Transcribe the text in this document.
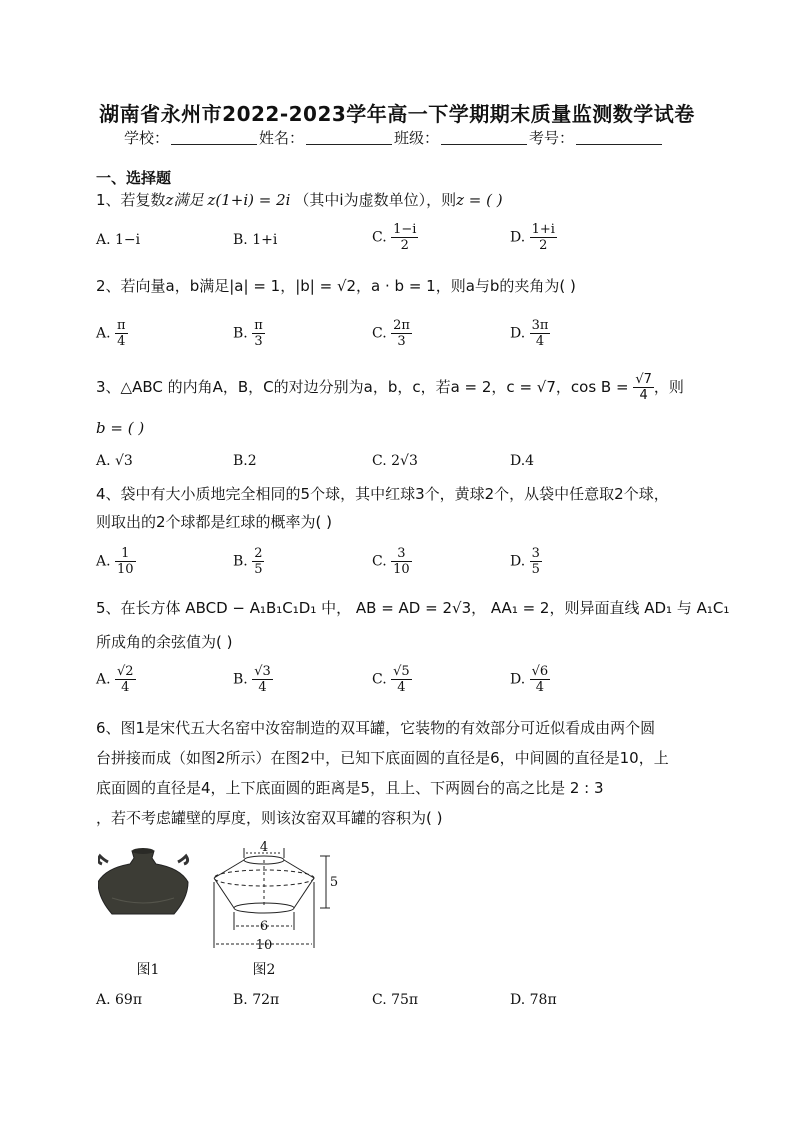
湖南省永州市2022-2023学年高一下学期期末质量监测数学试卷
学校：	姓名：	班级：	考号：
一、选择题
1、若复数z满足 z(1+i) = 2i （其中i为虚数单位），则z = ( )
A. 1−i	B. 1+i	C. $\frac{1-i}{2}$	D. $\frac{1+i}{2}$
2、若向量a，b满足|a| = 1，|b| = √2，a · b = 1，则a与b的夹角为( )
A. $\frac{\pi}{4}$	B. $\frac{\pi}{3}$	C. $\frac{2\pi}{3}$	D. $\frac{3\pi}{4}$
3、△ABC 的内角A，B，C的对边分别为a，b，c，若a = 2，c = √7，$\cos B = \frac{√7}{4}$ ，则
b = ( )
A. √3	B.2	C. 2√3	D.4
4、袋中有大小质地完全相同的5个球，其中红球3个，黄球2个，从袋中任意取2个球，
则取出的2个球都是红球的概率为( )
A. $\frac{1}{10}$	B. $\frac{2}{5}$	C. $\frac{3}{10}$	D. $\frac{3}{5}$
5、在长方体 ABCD − A₁B₁C₁D₁ 中， AB = AD = 2√3， AA₁ = 2，则异面直线 AD₁ 与 A₁C₁
所成角的余弦值为( )
A. $\frac{√2}{4}$	B. $\frac{√3}{4}$	C. $\frac{√5}{4}$	D. $\frac{√6}{4}$
6、图1是宋代五大名窑中汝窑制造的双耳罐，它装物的有效部分可近似看成由两个圆
台拼接而成（如图2所示）在图2中，已知下底面圆的直径是6，中间圆的直径是10，上
底面圆的直径是4，上下底面圆的距离是5，且上、下两圆台的高之比是 2 : 3
，若不考虑罐壁的厚度，则该汝窑双耳罐的容积为( )
4
5
6
10
图1	图2
A. 69π	B. 72π	C. 75π	D. 78π
